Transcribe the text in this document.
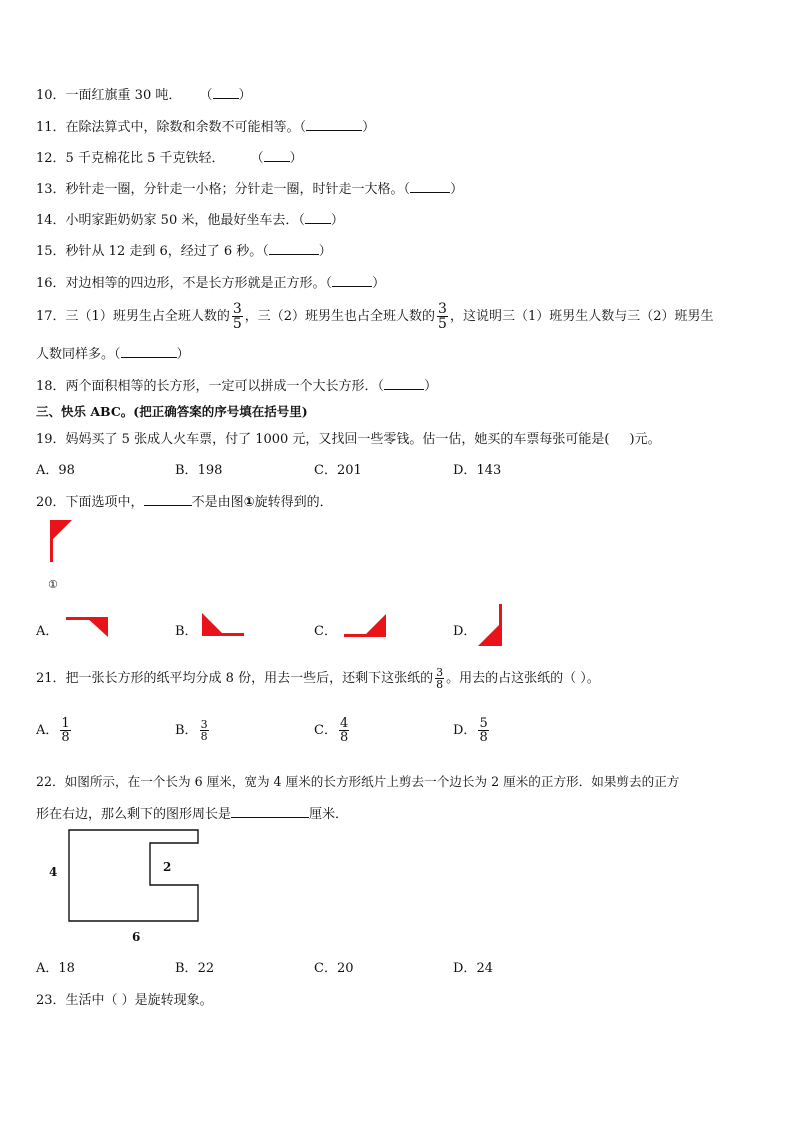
10．一面红旗重 30 吨． （ ）
11．在除法算式中，除数和余数不可能相等。（	）
12．5 千克棉花比 5 千克铁轻． （ ）
13．秒针走一圈，分针走一小格；分针走一圈，时针走一大格。（	）
14．小明家距奶奶家 50 米，他最好坐车去．（ ）
15．秒针从 12 走到 6，经过了 6 秒。（	）
16．对边相等的四边形，不是长方形就是正方形。（	）
17．三（1）班男生占全班人数的 $\frac{3}{5}$ ，三（2）班男生也占全班人数的 $\frac{3}{5}$ ，这说明三（1）班男生人数与三（2）班男生
人数同样多。（	）
18．两个面积相等的长方形，一定可以拼成一个大长方形．（	）
三、快乐 ABC。(把正确答案的序号填在括号里)
19．妈妈买了 5 张成人火车票，付了 1000 元，又找回一些零钱。估一估，她买的车票每张可能是( )元。
A．98	B．198	C．201	D．143
20．下面选项中，	不是由图①旋转得到的．
①
A．	B．	C．	D．
21．把一张长方形的纸平均分成 8 份，用去一些后，还剩下这张纸的 $\frac{3}{8}$ 。用去的占这张纸的（ ）。
A． $\frac{1}{8}$	B． $\frac{3}{8}$	C． $\frac{4}{8}$	D． $\frac{5}{8}$
22．如图所示，在一个长为 6 厘米，宽为 4 厘米的长方形纸片上剪去一个边长为 2 厘米的正方形．如果剪去的正方
形在右边，那么剩下的图形周长是	厘米．
4	2
6
A．18	B．22	C．20	D．24
23．生活中（ ）是旋转现象。
